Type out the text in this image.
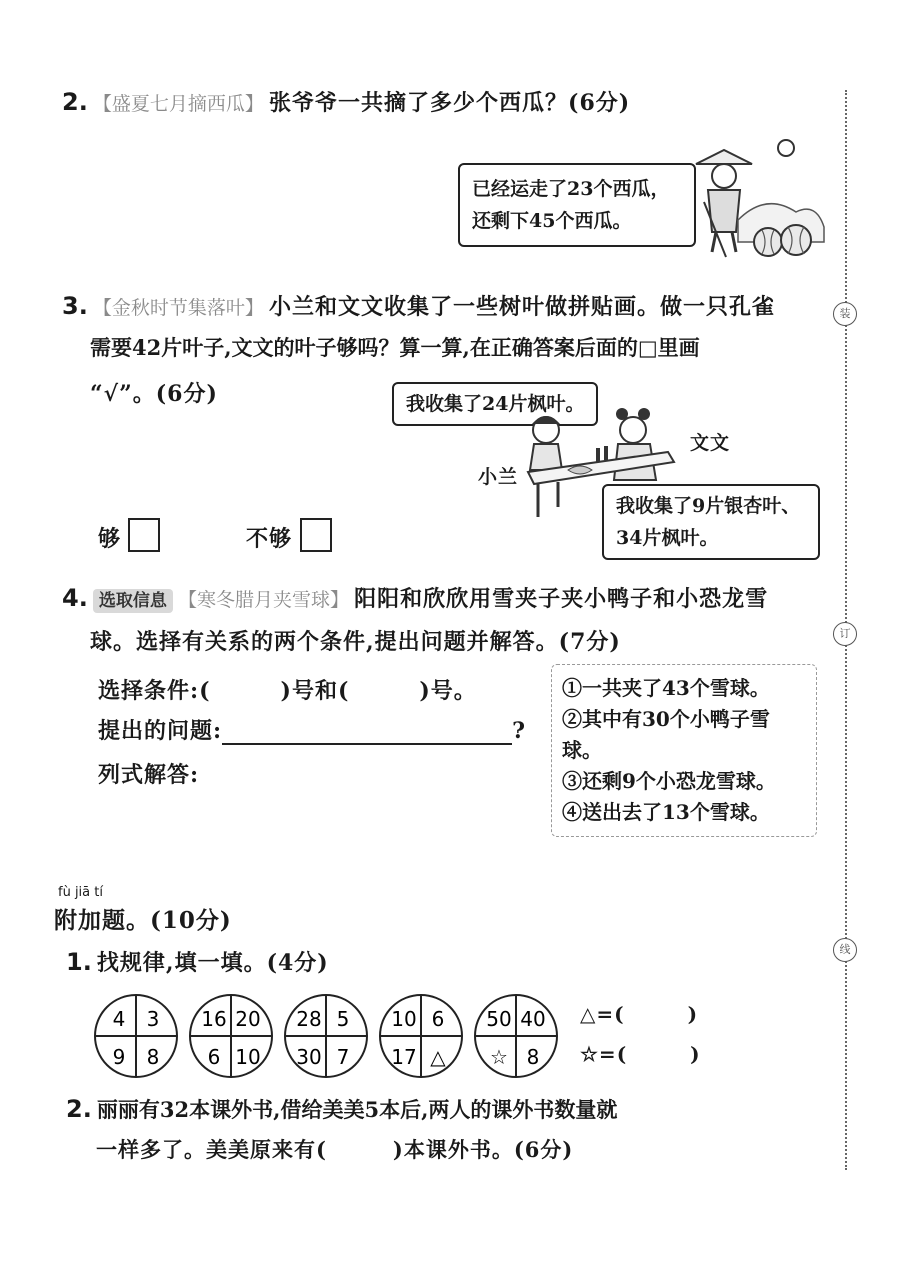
装
订
线
2. 【盛夏七月摘西瓜】 张爷爷一共摘了多少个西瓜？(6分)
已经运走了23个西瓜，
还剩下45个西瓜。
3. 【金秋时节集落叶】 小兰和文文收集了一些树叶做拼贴画。做一只孔雀
需要42片叶子,文文的叶子够吗？算一算,在正确答案后面的□里画
“√”。(6分)	我收集了24片枫叶。
文文
小兰
我收集了9片银杏叶、
34片枫叶。
够	不够
4. 选取信息 【寒冬腊月夹雪球】 阳阳和欣欣用雪夹子夹小鸭子和小恐龙雪
球。选择有关系的两个条件,提出问题并解答。(7分)
选择条件:(	)号和(	)号。
提出的问题:	?
列式解答:
①一共夹了43个雪球。
②其中有30个小鸭子雪球。
③还剩9个小恐龙雪球。
④送出去了13个雪球。
fù jiā tí
附加题。(10分)
1. 找规律,填一填。(4分)
4 3
9 8
16 20
6 10
28 5
30 7
10 6
17 △
50 40
☆ 8
△=(　　　)
☆=(　　　)
2. 丽丽有32本课外书,借给美美5本后,两人的课外书数量就
一样多了。美美原来有(　　　)本课外书。(6分)
